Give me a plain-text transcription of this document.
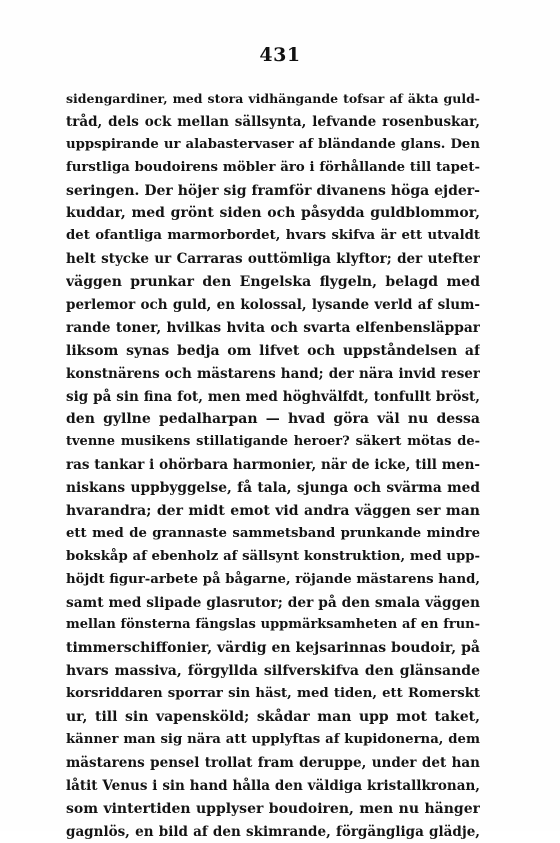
431
sidengardiner, med stora vidhängande tofsar af äkta guld-
tråd, dels ock mellan sällsynta, lefvande rosenbuskar,
uppspirande ur alabastervaser af bländande glans. Den
furstliga boudoirens möbler äro i förhållande till tapet-
seringen. Der höjer sig framför divanens höga ejder-
kuddar, med grönt siden och påsydda guldblommor,
det ofantliga marmorbordet, hvars skifva är ett utvaldt
helt stycke ur Carraras outtömliga klyftor; der utefter
väggen prunkar den Engelska flygeln, belagd med
perlemor och guld, en kolossal, lysande verld af slum-
rande toner, hvilkas hvita och svarta elfenbensläppar
liksom synas bedja om lifvet och uppståndelsen af
konstnärens och mästarens hand; der nära invid reser
sig på sin fina fot, men med höghvälfdt, tonfullt bröst,
den gyllne pedalharpan — hvad göra väl nu dessa
tvenne musikens stillatigande heroer? säkert mötas de-
ras tankar i ohörbara harmonier, när de icke, till men-
niskans uppbyggelse, få tala, sjunga och svärma med
hvarandra; der midt emot vid andra väggen ser man
ett med de grannaste sammetsband prunkande mindre
bokskåp af ebenholz af sällsynt konstruktion, med upp-
höjdt figur-arbete på bågarne, röjande mästarens hand,
samt med slipade glasrutor; der på den smala väggen
mellan fönsterna fängslas uppmärksamheten af en frun-
timmerschiffonier, värdig en kejsarinnas boudoir, på
hvars massiva, förgyllda silfverskifva den glänsande
korsriddaren sporrar sin häst, med tiden, ett Romerskt
ur, till sin vapensköld; skådar man upp mot taket,
känner man sig nära att upplyftas af kupidonerna, dem
mästarens pensel trollat fram deruppe, under det han
låtit Venus i sin hand hålla den väldiga kristallkronan,
som vintertiden upplyser boudoiren, men nu hänger
gagnlös, en bild af den skimrande, förgängliga glädje,
